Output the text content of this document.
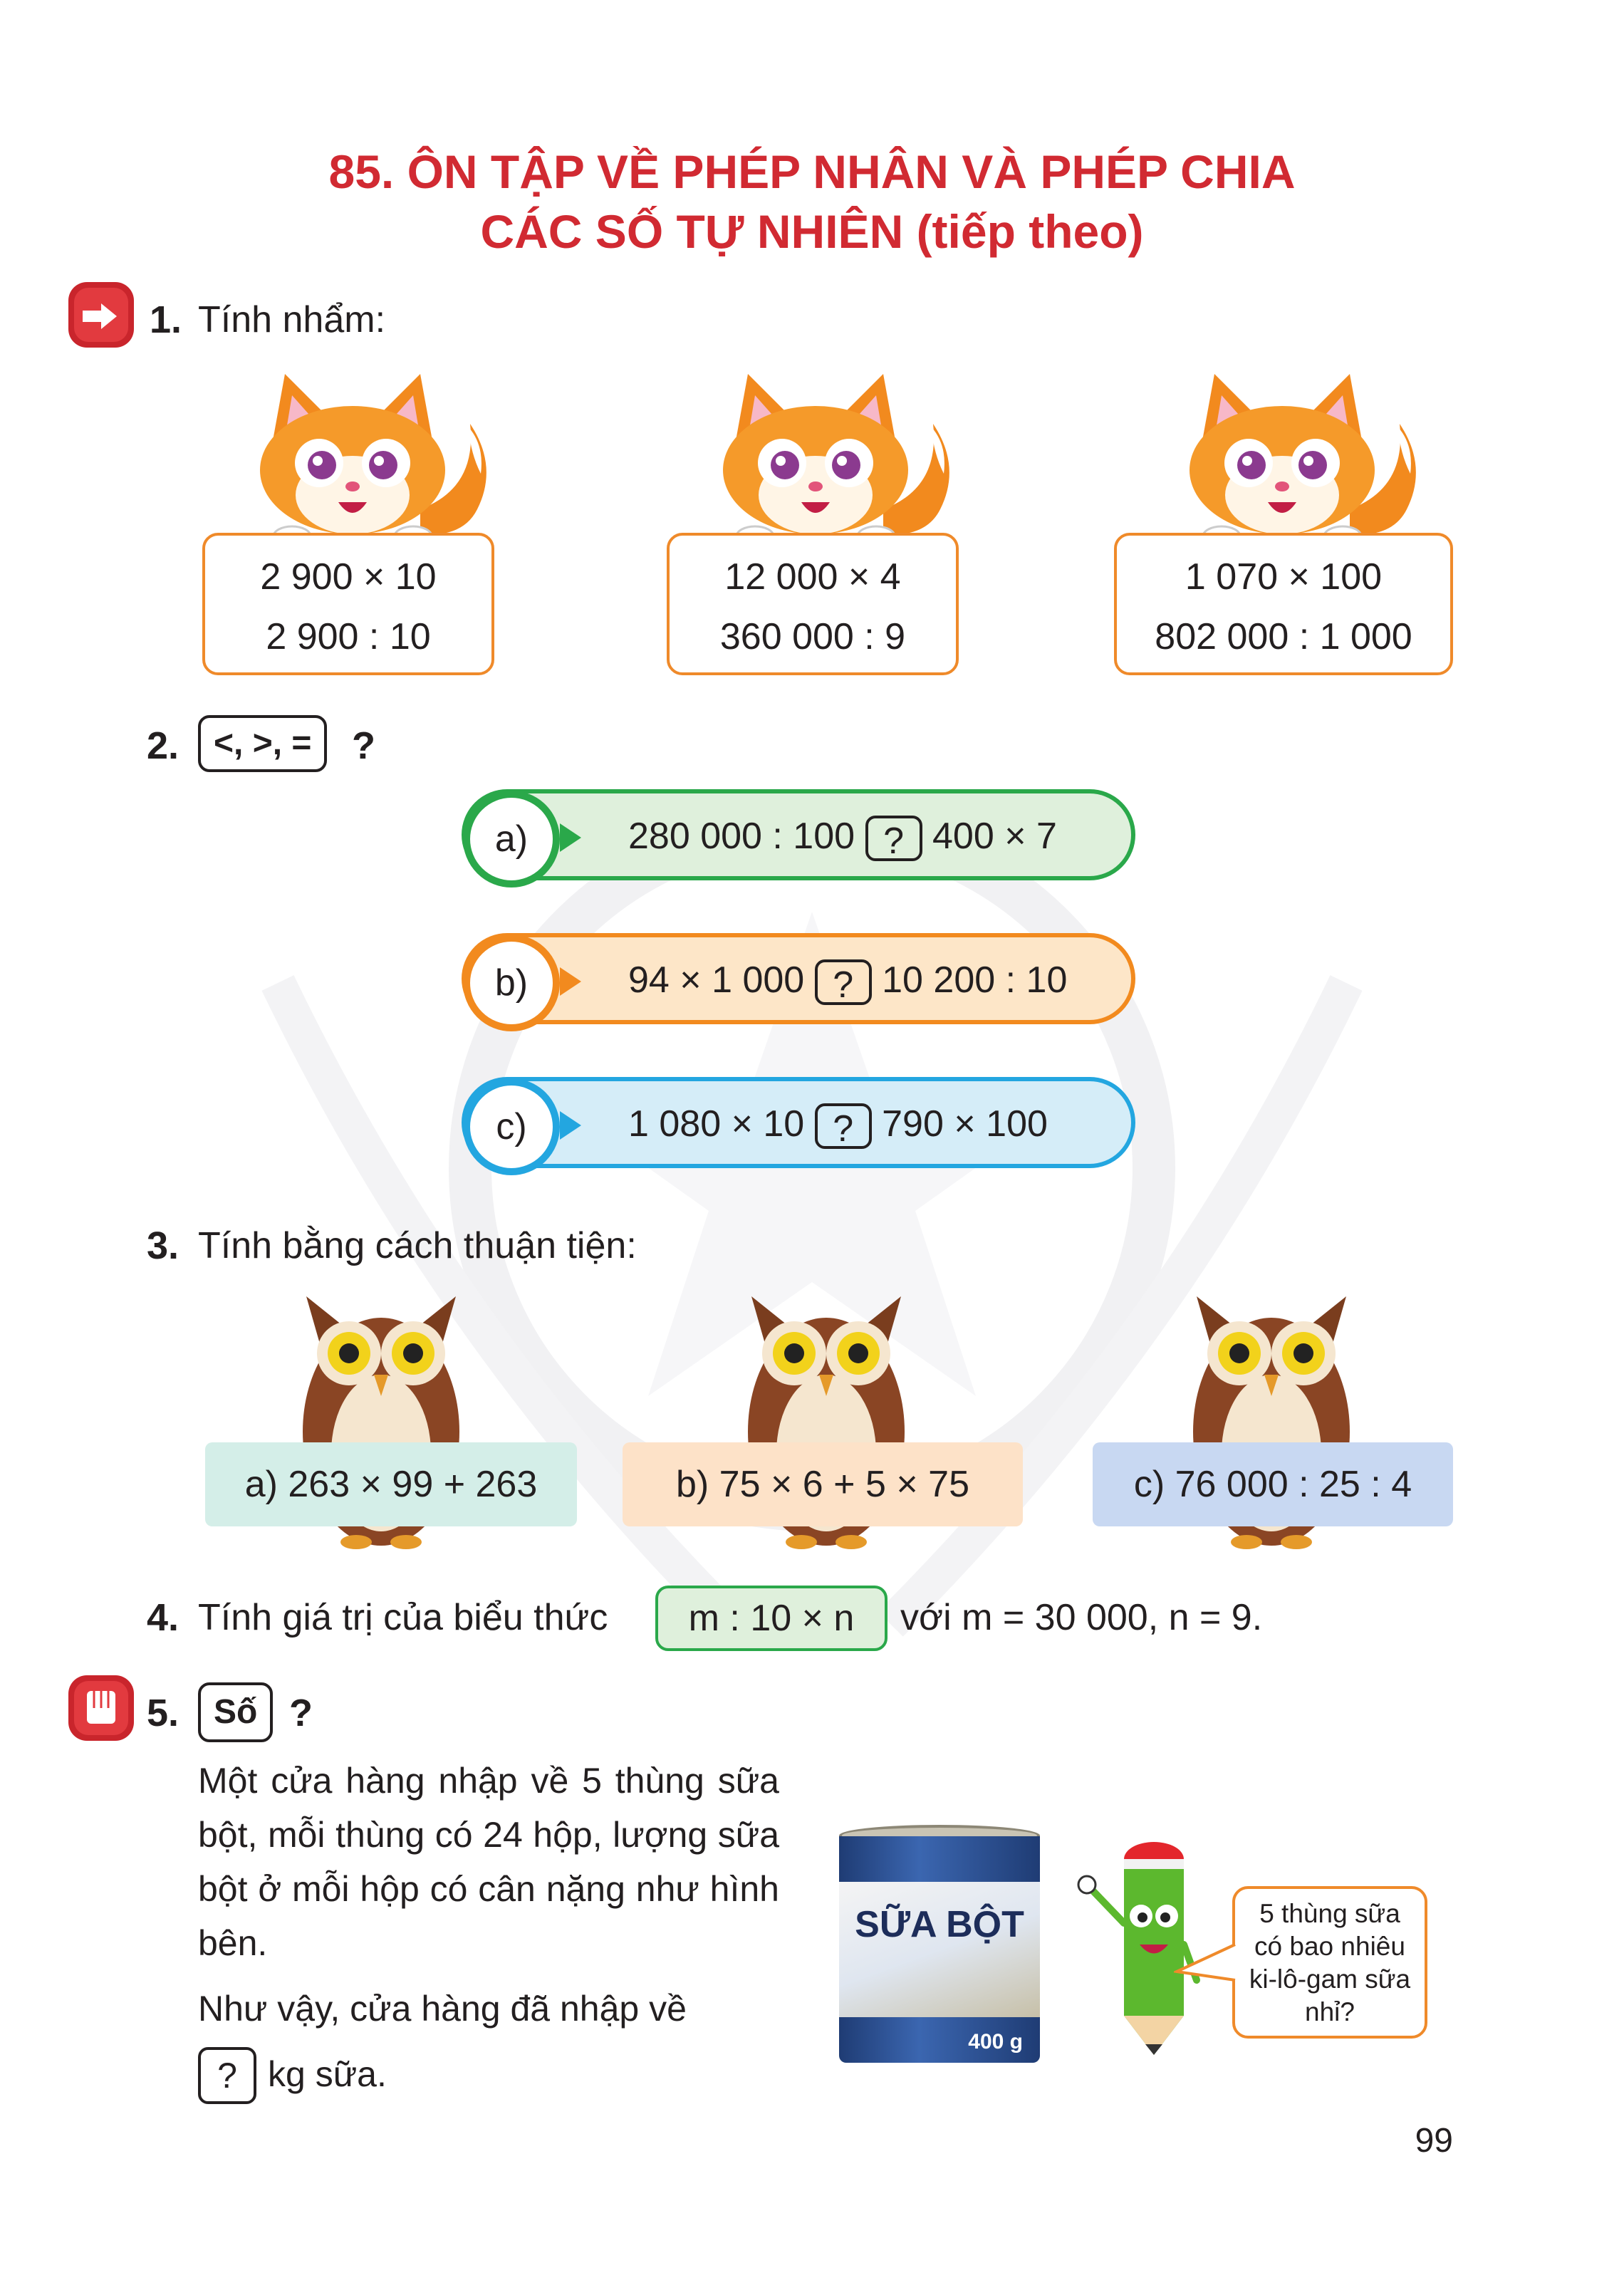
85. ÔN TẬP VỀ PHÉP NHÂN VÀ PHÉP CHIA
CÁC SỐ TỰ NHIÊN (tiếp theo)
1. Tính nhẩm:
2 900 × 10
2 900 : 10
12 000 × 4
360 000 : 9
1 070 × 100
802 000 : 1 000
2.	<, >, =	?
a)	280 000 : 100 ? 400 × 7
b)	94 × 1 000 ? 10 200 : 10
c)	1 080 × 10 ? 790 × 100
3. Tính bằng cách thuận tiện:
a) 263 × 99 + 263	b) 75 × 6 + 5 × 75	c) 76 000 : 25 : 4
4. Tính giá trị của biểu thức	m : 10 × n	với m = 30 000, n = 9.
5.	Số ?
Một cửa hàng nhập về 5 thùng sữa bột, mỗi thùng có 24 hộp, lượng sữa bột ở mỗi hộp có cân nặng như hình bên.
Như vậy, cửa hàng đã nhập về
? kg sữa.
SỮA BỘT
400 g
5 thùng sữa có bao nhiêu ki-lô-gam sữa nhỉ?
99
